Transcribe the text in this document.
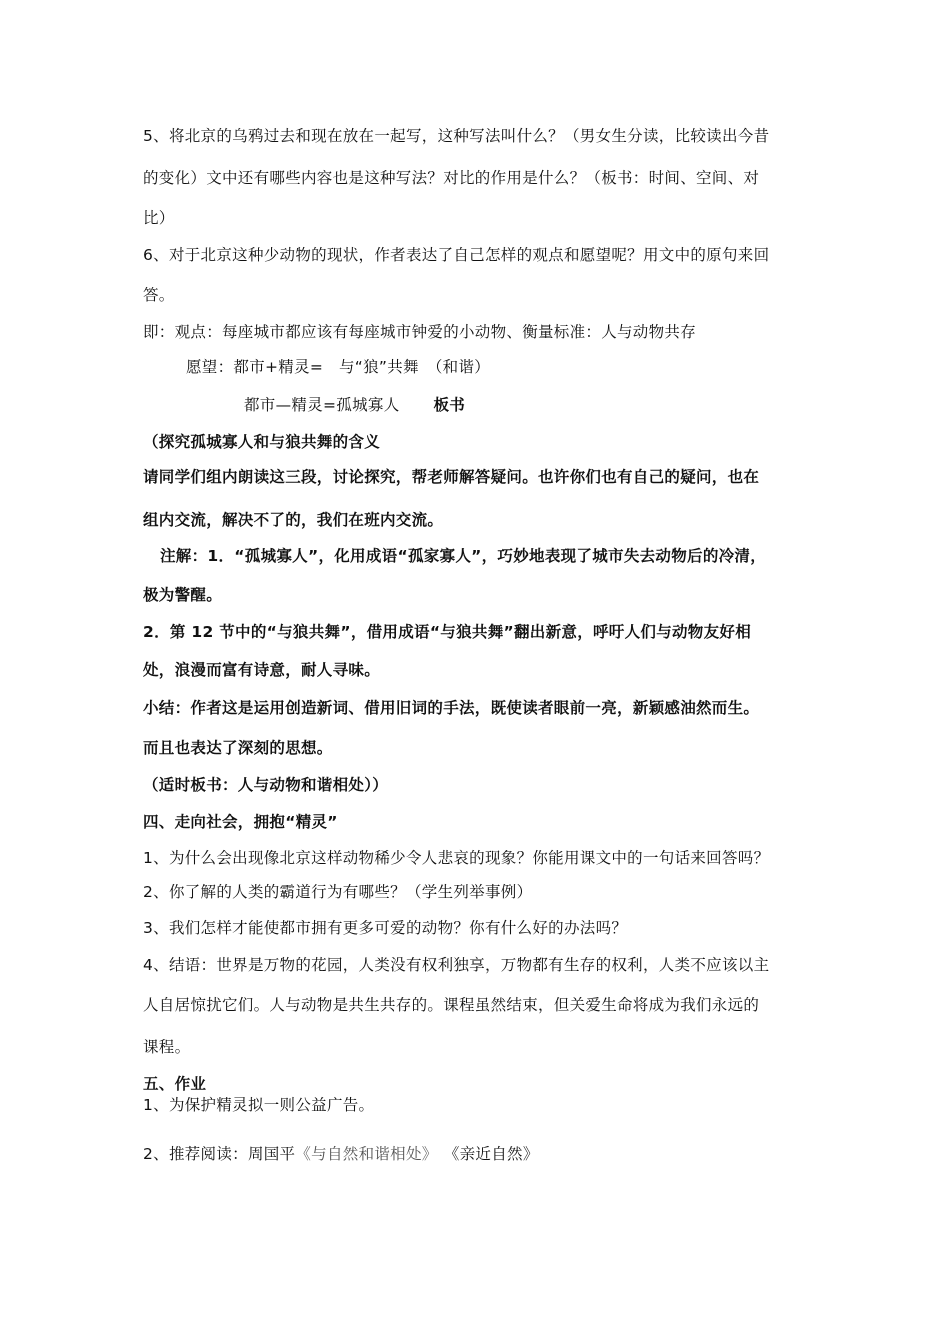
5、将北京的乌鸦过去和现在放在一起写，这种写法叫什么？（男女生分读，比较读出今昔
的变化）文中还有哪些内容也是这种写法？对比的作用是什么？（板书：时间、空间、对
比）
6、对于北京这种少动物的现状，作者表达了自己怎样的观点和愿望呢？用文中的原句来回
答。
即：观点：每座城市都应该有每座城市钟爱的小动物、衡量标准：人与动物共存
愿望：都市+精灵=　与“狼”共舞　（和谐）
都市—精灵=孤城寡人 板书
（探究孤城寡人和与狼共舞的含义
请同学们组内朗读这三段，讨论探究，帮老师解答疑问。也许你们也有自己的疑问，也在
组内交流，解决不了的，我们在班内交流。
注解：1．“孤城寡人”，化用成语“孤家寡人”，巧妙地表现了城市失去动物后的冷清，
极为警醒。
2．第 12 节中的“与狼共舞”，借用成语“与狼共舞”翻出新意，呼吁人们与动物友好相
处，浪漫而富有诗意，耐人寻味。
小结：作者这是运用创造新词、借用旧词的手法，既使读者眼前一亮，新颖感油然而生。
而且也表达了深刻的思想。
（适时板书：人与动物和谐相处））
四、走向社会，拥抱“精灵”
1、为什么会出现像北京这样动物稀少令人悲哀的现象？你能用课文中的一句话来回答吗？
2、你了解的人类的霸道行为有哪些？（学生列举事例）
3、我们怎样才能使都市拥有更多可爱的动物？你有什么好的办法吗？
4、结语：世界是万物的花园，人类没有权利独享，万物都有生存的权利，人类不应该以主
人自居惊扰它们。人与动物是共生共存的。课程虽然结束，但关爱生命将成为我们永远的
课程。
五、作业
1、为保护精灵拟一则公益广告。
2、推荐阅读：周国平《与自然和谐相处》 《亲近自然》
